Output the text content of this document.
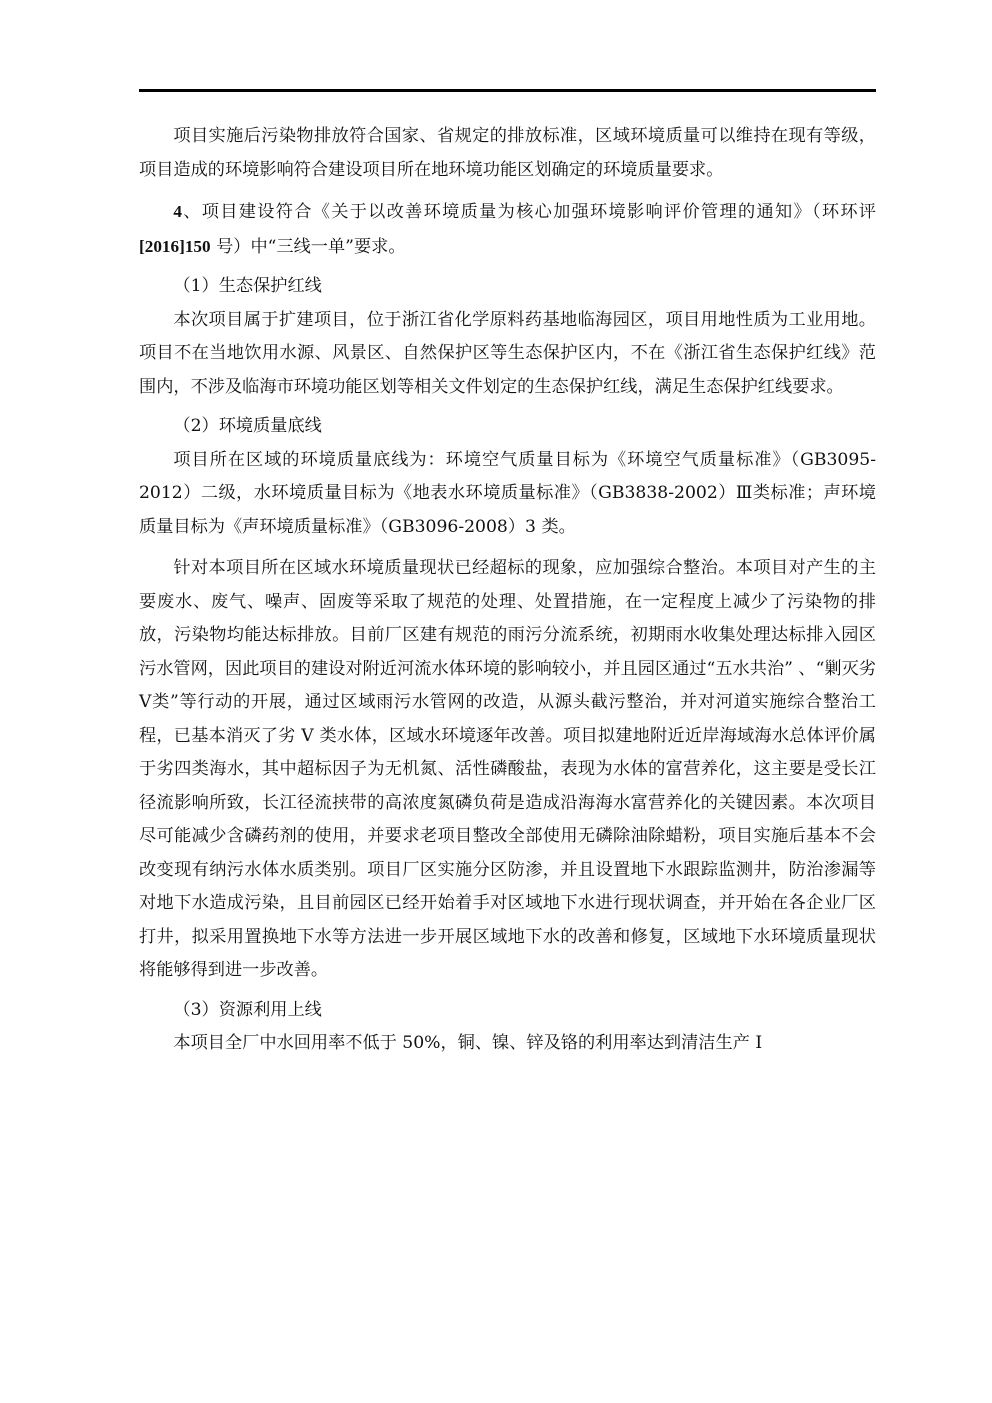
项目实施后污染物排放符合国家、省规定的排放标准，区域环境质量可以维持在现有等级，项目造成的环境影响符合建设项目所在地环境功能区划确定的环境质量要求。

4、项目建设符合《关于以改善环境质量为核心加强环境影响评价管理的通知》（环环评[2016]150 号）中“三线一单”要求。

（1）生态保护红线

本次项目属于扩建项目，位于浙江省化学原料药基地临海园区，项目用地性质为工业用地。项目不在当地饮用水源、风景区、自然保护区等生态保护区内，不在《浙江省生态保护红线》范围内，不涉及临海市环境功能区划等相关文件划定的生态保护红线，满足生态保护红线要求。

（2）环境质量底线

项目所在区域的环境质量底线为：环境空气质量目标为《环境空气质量标准》（GB3095-2012）二级，水环境质量目标为《地表水环境质量标准》（GB3838-2002）Ⅲ类标准；声环境质量目标为《声环境质量标准》（GB3096-2008）3 类。

针对本项目所在区域水环境质量现状已经超标的现象，应加强综合整治。本项目对产生的主要废水、废气、噪声、固废等采取了规范的处理、处置措施，在一定程度上减少了污染物的排放，污染物均能达标排放。目前厂区建有规范的雨污分流系统，初期雨水收集处理达标排入园区污水管网，因此项目的建设对附近河流水体环境的影响较小，并且园区通过“五水共治” 、“剿灭劣Ⅴ类”等行动的开展，通过区域雨污水管网的改造，从源头截污整治，并对河道实施综合整治工程，已基本消灭了劣 Ⅴ 类水体，区域水环境逐年改善。项目拟建地附近近岸海域海水总体评价属于劣四类海水，其中超标因子为无机氮、活性磷酸盐，表现为水体的富营养化，这主要是受长江径流影响所致，长江径流挟带的高浓度氮磷负荷是造成沿海海水富营养化的关键因素。本次项目尽可能减少含磷药剂的使用，并要求老项目整改全部使用无磷除油除蜡粉，项目实施后基本不会改变现有纳污水体水质类别。项目厂区实施分区防渗，并且设置地下水跟踪监测井，防治渗漏等对地下水造成污染，且目前园区已经开始着手对区域地下水进行现状调查，并开始在各企业厂区打井，拟采用置换地下水等方法进一步开展区域地下水的改善和修复，区域地下水环境质量现状将能够得到进一步改善。

（3）资源利用上线

本项目全厂中水回用率不低于 50%，铜、镍、锌及铬的利用率达到清洁生产 Ⅰ
